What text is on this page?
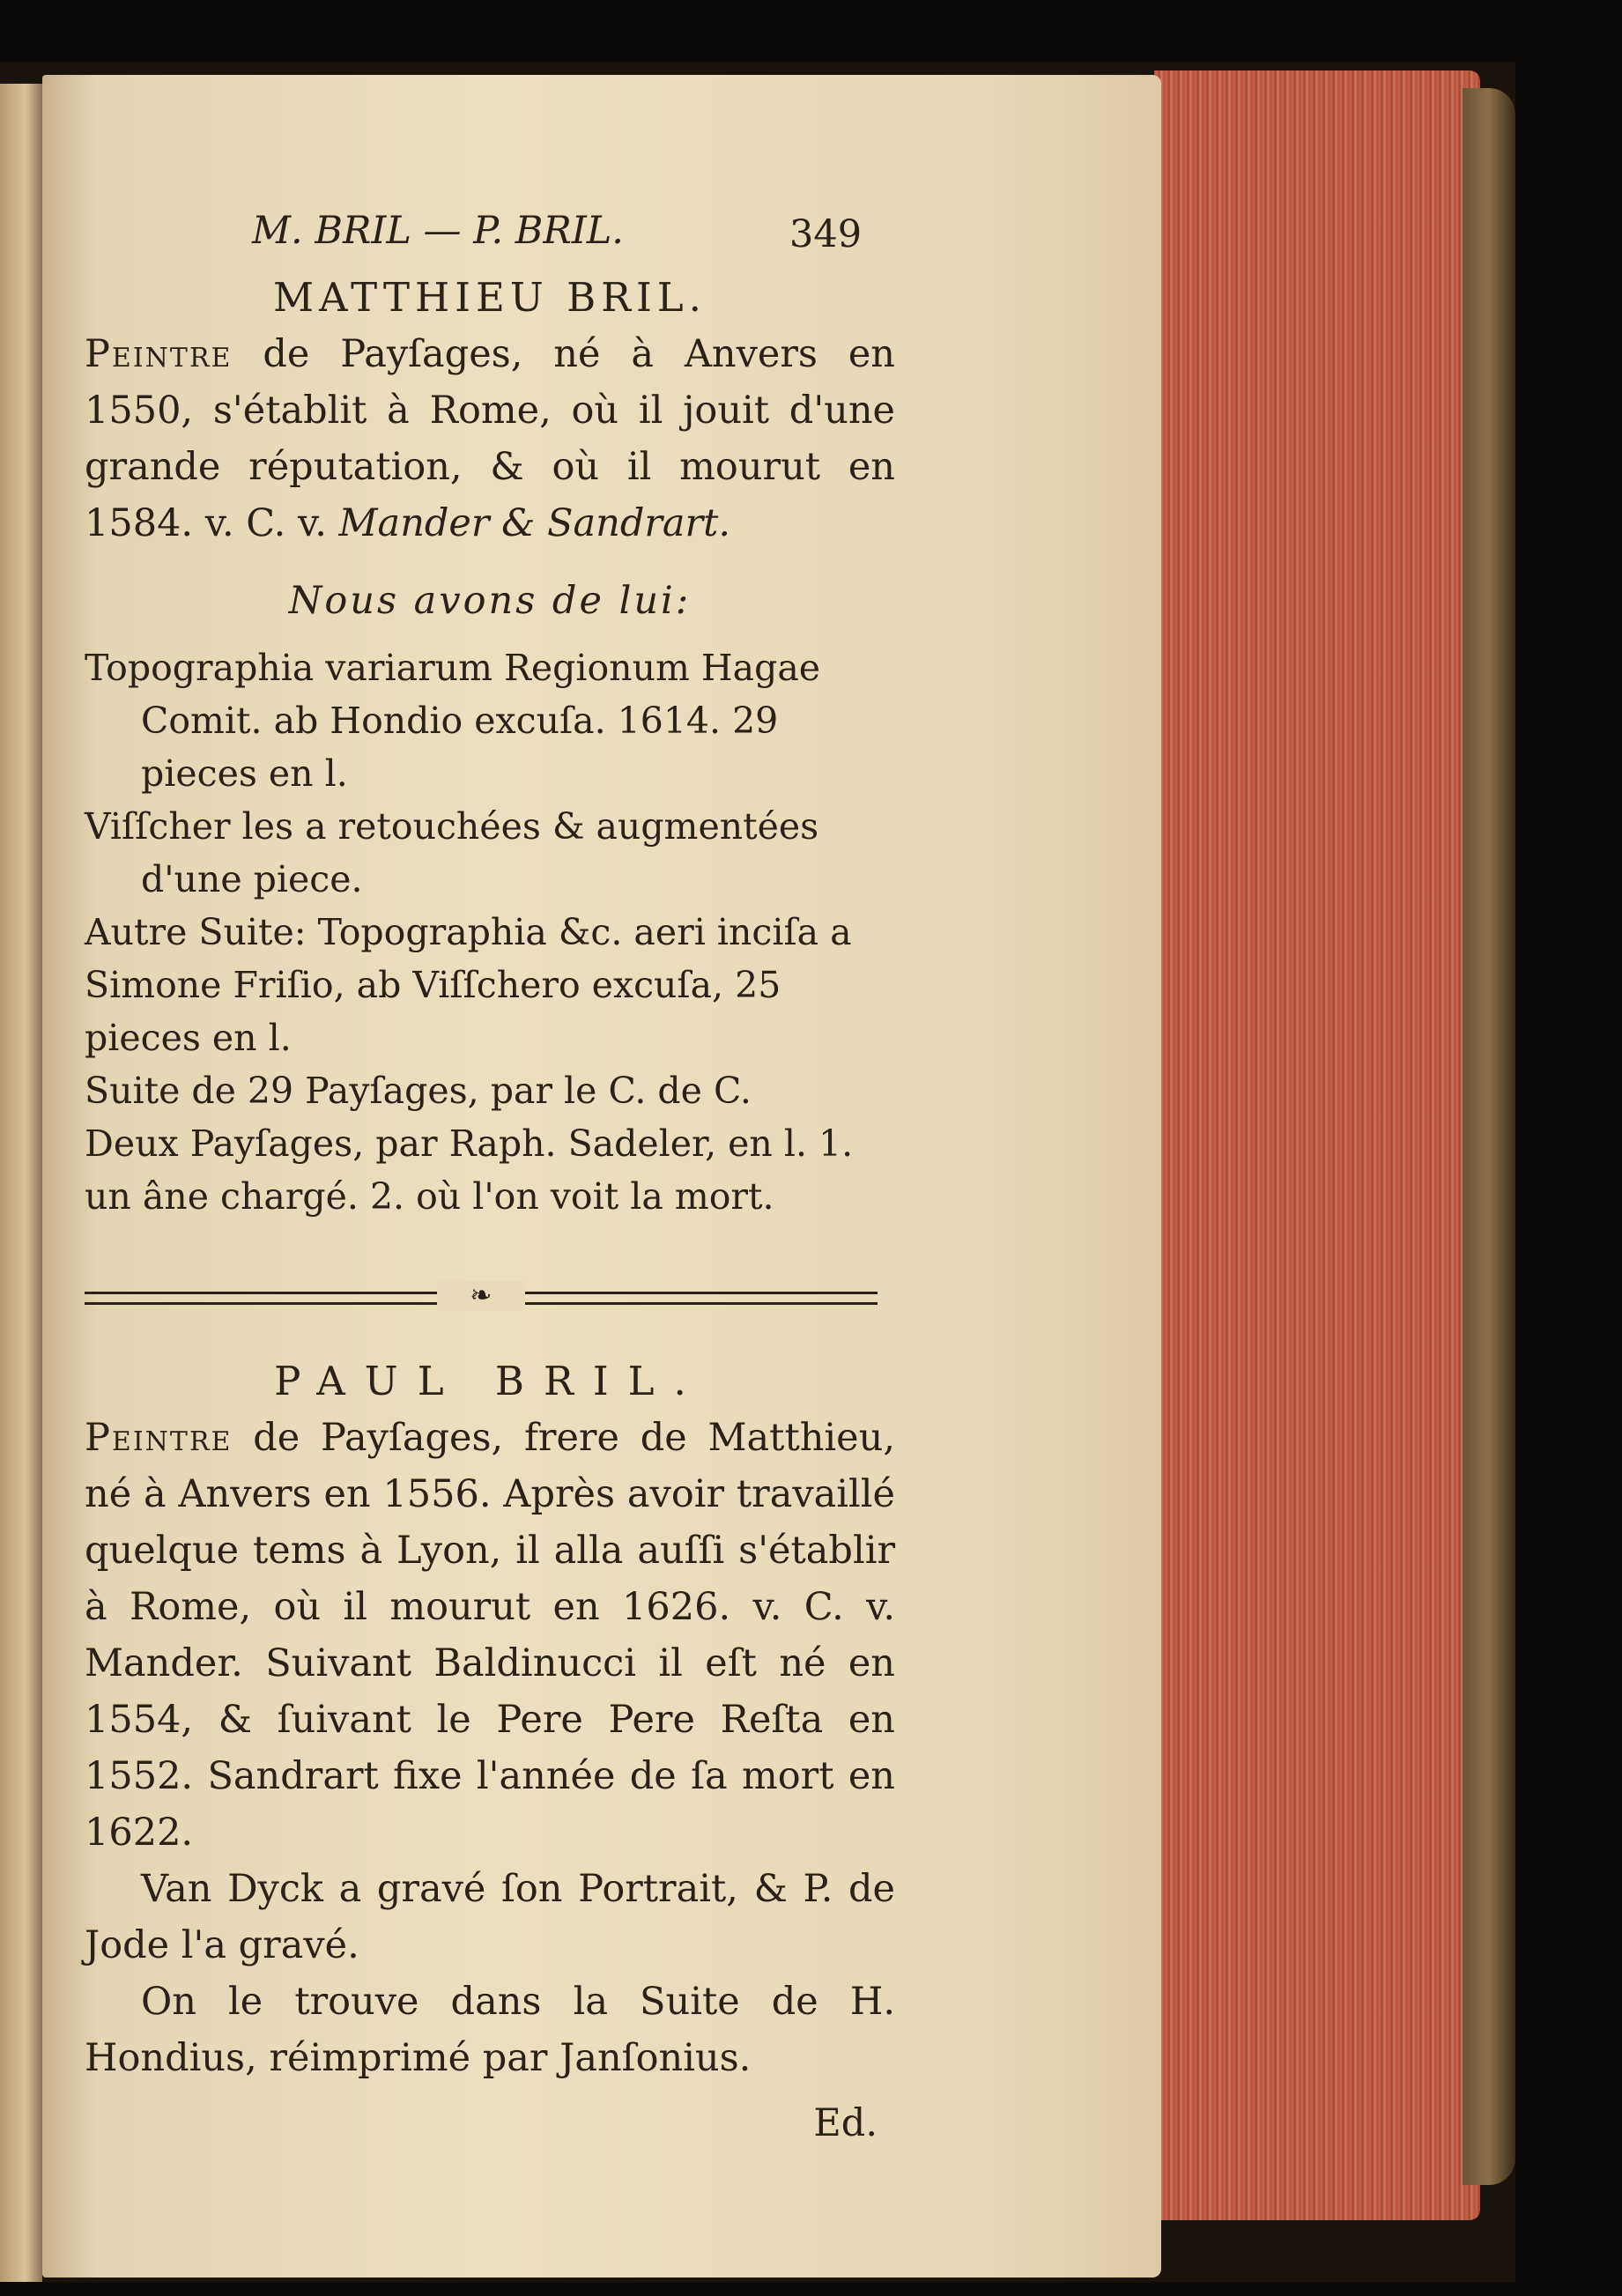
M. BRIL — P. BRIL.	349
MATTHIEU BRIL.

Peintre de Payſages, né à Anvers en 1550, s'établit à Rome, où il jouit d'une grande réputation, & où il mourut en 1584. v. C. v. Mander & Sandrart.

Nous avons de lui:

Topographia variarum Regionum Hagae Comit. ab Hondio excuſa. 1614. 29 pieces en l.

Viſſcher les a retouchées & augmentées d'une piece.

Autre Suite: Topographia &c. aeri inciſa a Simone Friſio, ab Viſſchero excuſa, 25 pieces en l.

Suite de 29 Payſages, par le C. de C.

Deux Payſages, par Raph. Sadeler, en l. 1. un âne chargé. 2. où l'on voit la mort.

❧
PAUL BRIL.

Peintre de Payſages, frere de Matthieu, né à Anvers en 1556. Après avoir travaillé quelque tems à Lyon, il alla auſſi s'établir à Rome, où il mourut en 1626. v. C. v. Mander. Suivant Baldinucci il eſt né en 1554, & ſuivant le Pere Pere Reſta en 1552. Sandrart fixe l'année de ſa mort en 1622.

Van Dyck a gravé ſon Portrait, & P. de Jode l'a gravé.

On le trouve dans la Suite de H. Hondius, réimprimé par Janſonius.

Ed.
